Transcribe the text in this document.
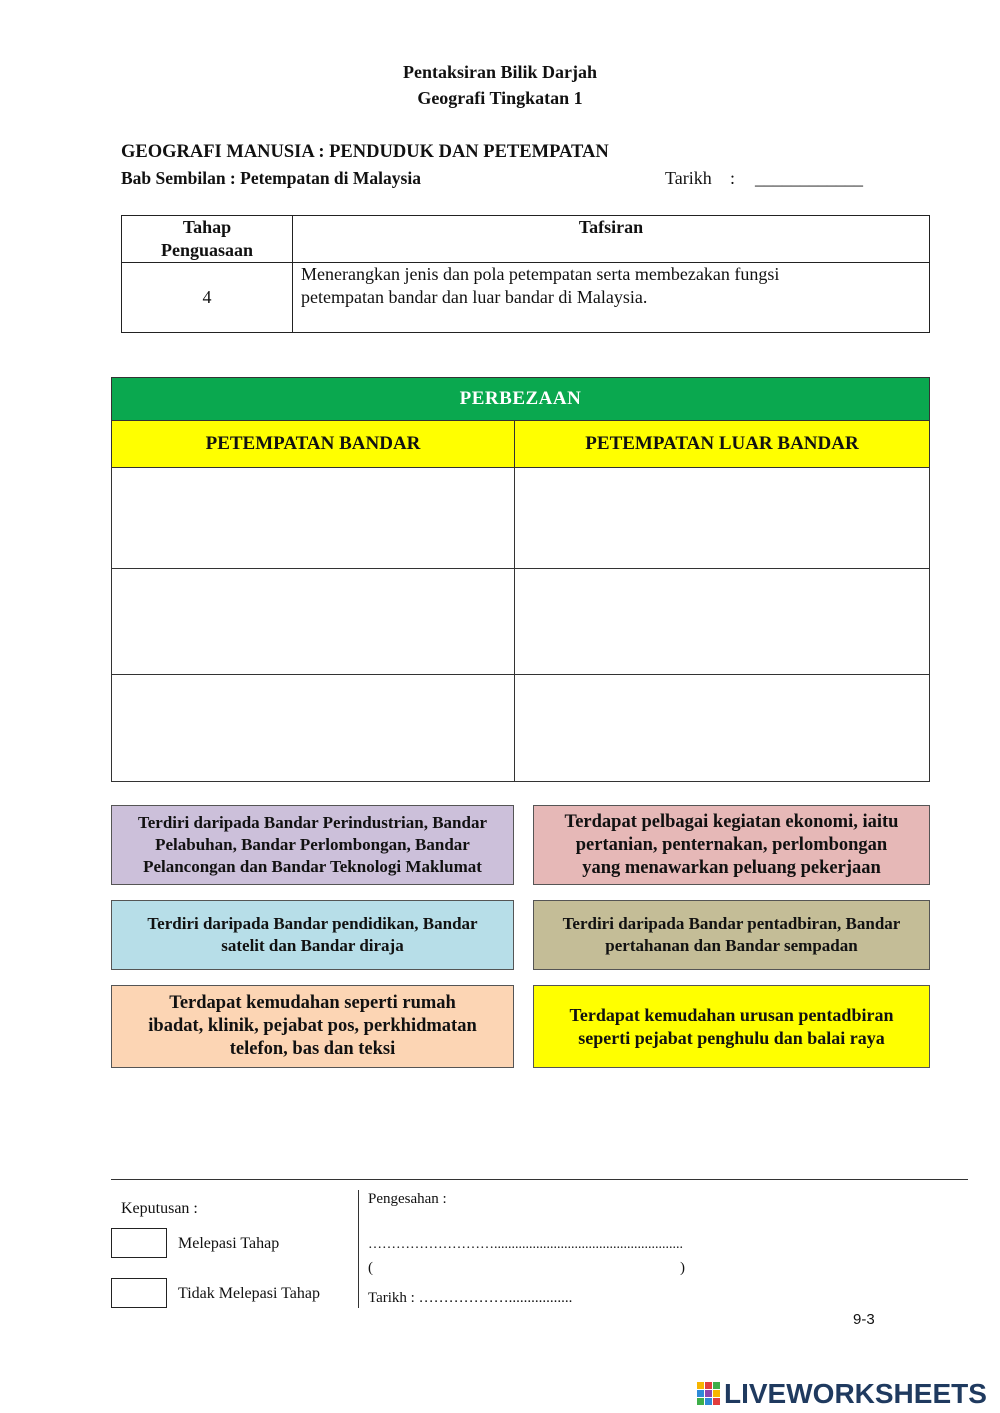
Pentaksiran Bilik Darjah
Geografi Tingkatan 1
GEOGRAFI MANUSIA : PENDUDUK DAN PETEMPATAN
Bab Sembilan : Petempatan di Malaysia	Tarikh : ____________
Tahap
Penguasaan	Tafsiran
4	Menerangkan jenis dan pola petempatan serta membezakan fungsi
petempatan bandar dan luar bandar di Malaysia.
PERBEZAAN	
PETEMPATAN BANDAR	PETEMPATAN LUAR BANDAR

Terdiri daripada Bandar Perindustrian, Bandar
Pelabuhan, Bandar Perlombongan, Bandar
Pelancongan dan Bandar Teknologi Maklumat
Terdapat pelbagai kegiatan ekonomi, iaitu
pertanian, penternakan, perlombongan
yang menawarkan peluang pekerjaan
Terdiri daripada Bandar pendidikan, Bandar
satelit dan Bandar diraja
Terdiri daripada Bandar pentadbiran, Bandar
pertahanan dan Bandar sempadan
Terdapat kemudahan seperti rumah
ibadat, klinik, pejabat pos, perkhidmatan
telefon, bas dan teksi
Terdapat kemudahan urusan pentadbiran
seperti pejabat penghulu dan balai raya
Keputusan :
Melepasi Tahap
Tidak Melepasi Tahap
Pengesahan :
………………………......................................................
(	)
Tarikh : ……………….................
9-3
LIVEWORKSHEETS
